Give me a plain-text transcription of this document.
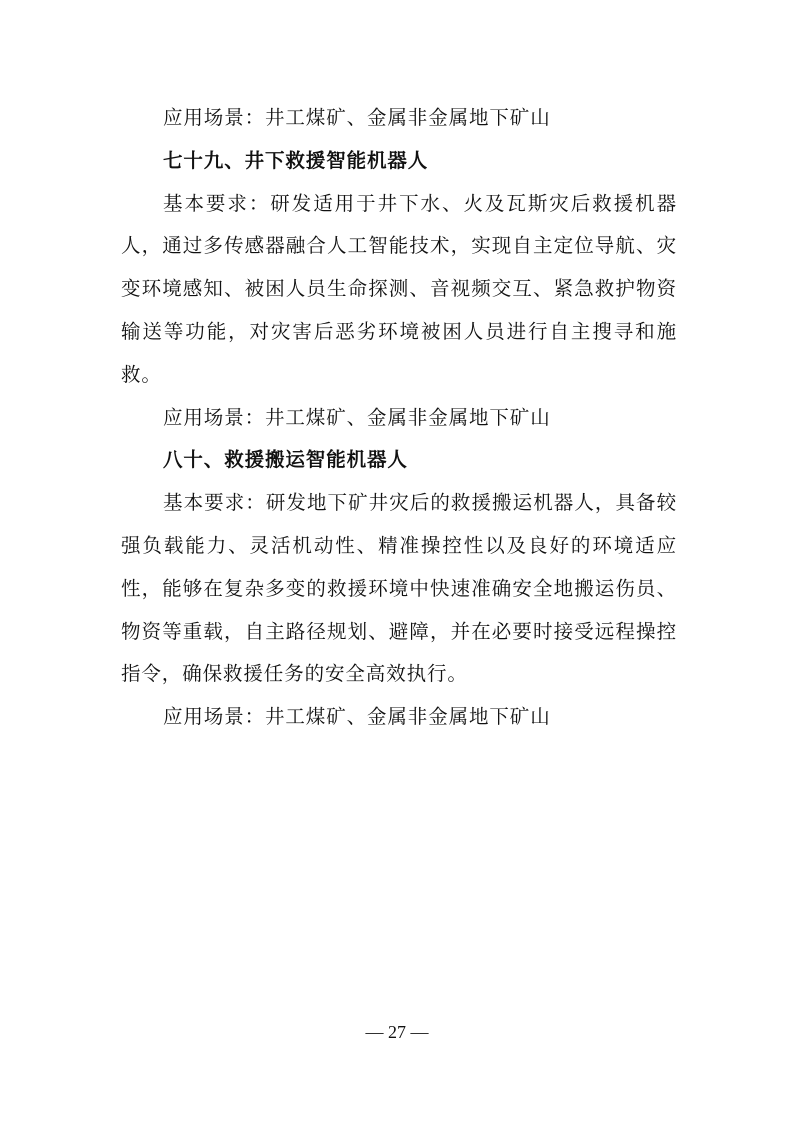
应用场景：井工煤矿、金属非金属地下矿山

七十九、井下救援智能机器人

基本要求：研发适用于井下水、火及瓦斯灾后救援机器人，通过多传感器融合人工智能技术，实现自主定位导航、灾变环境感知、被困人员生命探测、音视频交互、紧急救护物资输送等功能，对灾害后恶劣环境被困人员进行自主搜寻和施救。

应用场景：井工煤矿、金属非金属地下矿山

八十、救援搬运智能机器人

基本要求：研发地下矿井灾后的救援搬运机器人，具备较强负载能力、灵活机动性、精准操控性以及良好的环境适应性，能够在复杂多变的救援环境中快速准确安全地搬运伤员、物资等重载，自主路径规划、避障，并在必要时接受远程操控指令，确保救援任务的安全高效执行。

应用场景：井工煤矿、金属非金属地下矿山

— 27 —
